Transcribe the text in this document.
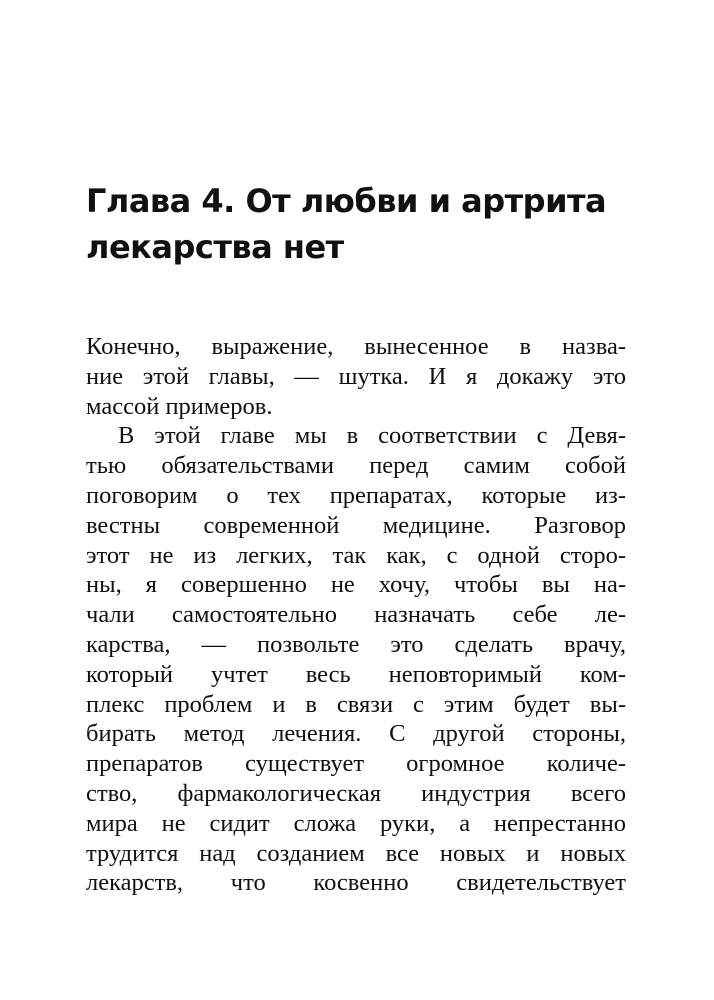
Глава 4. От любви и артрита
лекарства нет
Конечно, выражение, вынесенное в назва-
ние этой главы, — шутка. И я докажу это
массой примеров.
В этой главе мы в соответствии с Девя-
тью обязательствами перед самим собой
поговорим о тех препаратах, которые из-
вестны современной медицине. Разговор
этот не из легких, так как, с одной сторо-
ны, я совершенно не хочу, чтобы вы на-
чали самостоятельно назначать себе ле-
карства, — позвольте это сделать врачу,
который учтет весь неповторимый ком-
плекс проблем и в связи с этим будет вы-
бирать метод лечения. С другой стороны,
препаратов существует огромное количе-
ство, фармакологическая индустрия всего
мира не сидит сложа руки, а непрестанно
трудится над созданием все новых и новых
лекарств, что косвенно свидетельствует
